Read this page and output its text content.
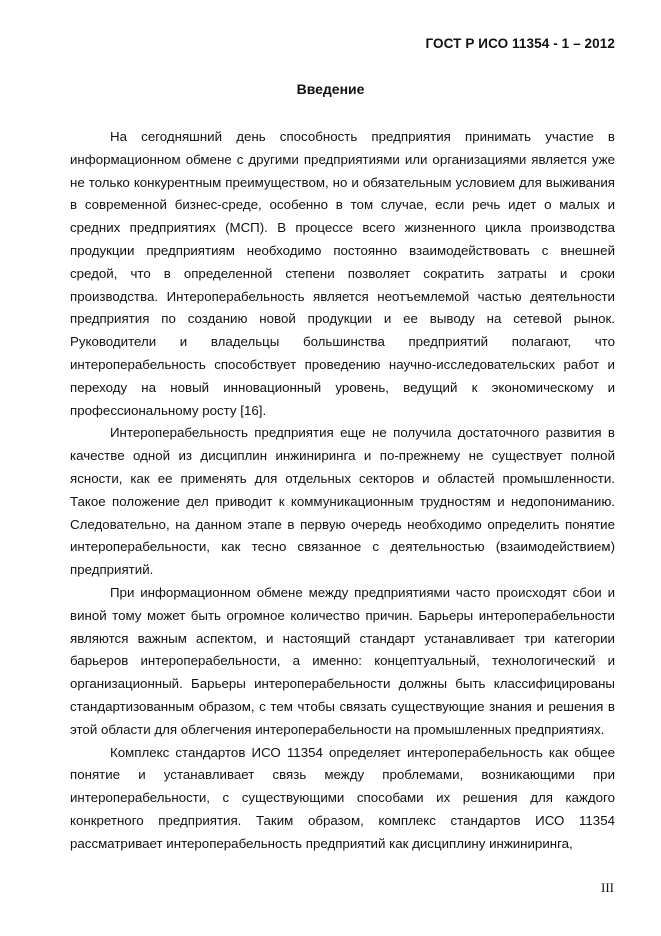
ГОСТ Р ИСО 11354 - 1 – 2012
Введение

На сегодняшний день способность предприятия принимать участие в информационном обмене с другими предприятиями или организациями является уже не только конкурентным преимуществом, но и обязательным условием для выживания в современной бизнес-среде, особенно в том случае, если речь идет о малых и средних предприятиях (МСП). В процессе всего жизненного цикла производства продукции предприятиям необходимо постоянно взаимодействовать с внешней средой, что в определенной степени позволяет сократить затраты и сроки производства. Интероперабельность является неотъемлемой частью деятельности предприятия по созданию новой продукции и ее выводу на сетевой рынок. Руководители и владельцы большинства предприятий полагают, что интероперабельность способствует проведению научно-исследовательских работ и переходу на новый инновационный уровень, ведущий к экономическому и профессиональному росту [16].

Интероперабельность предприятия еще не получила достаточного развития в качестве одной из дисциплин инжиниринга и по-прежнему не существует полной ясности, как ее применять для отдельных секторов и областей промышленности. Такое положение дел приводит к коммуникационным трудностям и недопониманию. Следовательно, на данном этапе в первую очередь необходимо определить понятие интероперабельности, как тесно связанное с деятельностью (взаимодействием) предприятий.

При информационном обмене между предприятиями часто происходят сбои и виной тому может быть огромное количество причин. Барьеры интероперабельности являются важным аспектом, и настоящий стандарт устанавливает три категории барьеров интероперабельности, а именно: концептуальный, технологический и организационный. Барьеры интероперабельности должны быть классифицированы стандартизованным образом, с тем чтобы связать существующие знания и решения в этой области для облегчения интероперабельности на промышленных предприятиях.

Комплекс стандартов ИСО 11354 определяет интероперабельность как общее понятие и устанавливает связь между проблемами, возникающими при интероперабельности, с существующими способами их решения для каждого конкретного предприятия. Таким образом, комплекс стандартов ИСО 11354 рассматривает интероперабельность предприятий как дисциплину инжиниринга,

III
